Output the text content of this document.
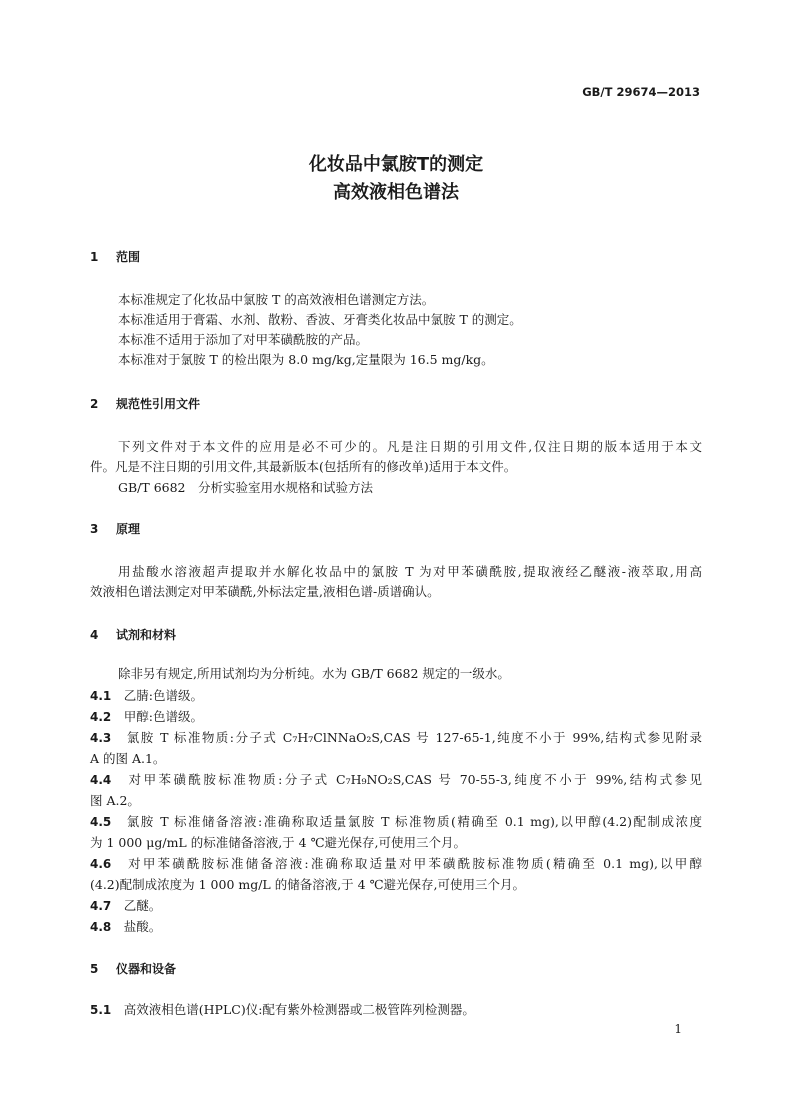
GB/T 29674—2013
化妆品中氯胺T的测定
高效液相色谱法
1 范围
本标准规定了化妆品中氯胺 T 的高效液相色谱测定方法。
本标准适用于膏霜、水剂、散粉、香波、牙膏类化妆品中氯胺 T 的测定。
本标准不适用于添加了对甲苯磺酰胺的产品。
本标准对于氯胺 T 的检出限为 8.0 mg/kg,定量限为 16.5 mg/kg。
2 规范性引用文件
下列文件对于本文件的应用是必不可少的。凡是注日期的引用文件,仅注日期的版本适用于本文
件。凡是不注日期的引用文件,其最新版本(包括所有的修改单)适用于本文件。
GB/T 6682　分析实验室用水规格和试验方法
3 原理
用盐酸水溶液超声提取并水解化妆品中的氯胺 T 为对甲苯磺酰胺,提取液经乙醚液-液萃取,用高
效液相色谱法测定对甲苯磺酰,外标法定量,液相色谱-质谱确认。
4 试剂和材料
除非另有规定,所用试剂均为分析纯。水为 GB/T 6682 规定的一级水。
4.1　 乙腈:色谱级。
4.2　 甲醇:色谱级。
4.3　 氯胺 T 标准物质:分子式 C₇H₇ClNNaO₂S,CAS 号 127-65-1,纯度不小于 99%,结构式参见附录
A 的图 A.1。
4.4　 对甲苯磺酰胺标准物质:分子式 C₇H₉NO₂S,CAS 号 70-55-3,纯度不小于 99%,结构式参见
图 A.2。
4.5　 氯胺 T 标准储备溶液:准确称取适量氯胺 T 标准物质(精确至 0.1 mg),以甲醇(4.2)配制成浓度
为 1 000 μg/mL 的标准储备溶液,于 4 ℃避光保存,可使用三个月。
4.6　 对甲苯磺酰胺标准储备溶液:准确称取适量对甲苯磺酰胺标准物质(精确至 0.1 mg),以甲醇
(4.2)配制成浓度为 1 000 mg/L 的储备溶液,于 4 ℃避光保存,可使用三个月。
4.7　 乙醚。
4.8　 盐酸。
5 仪器和设备
5.1　 高效液相色谱(HPLC)仪:配有紫外检测器或二极管阵列检测器。
1
